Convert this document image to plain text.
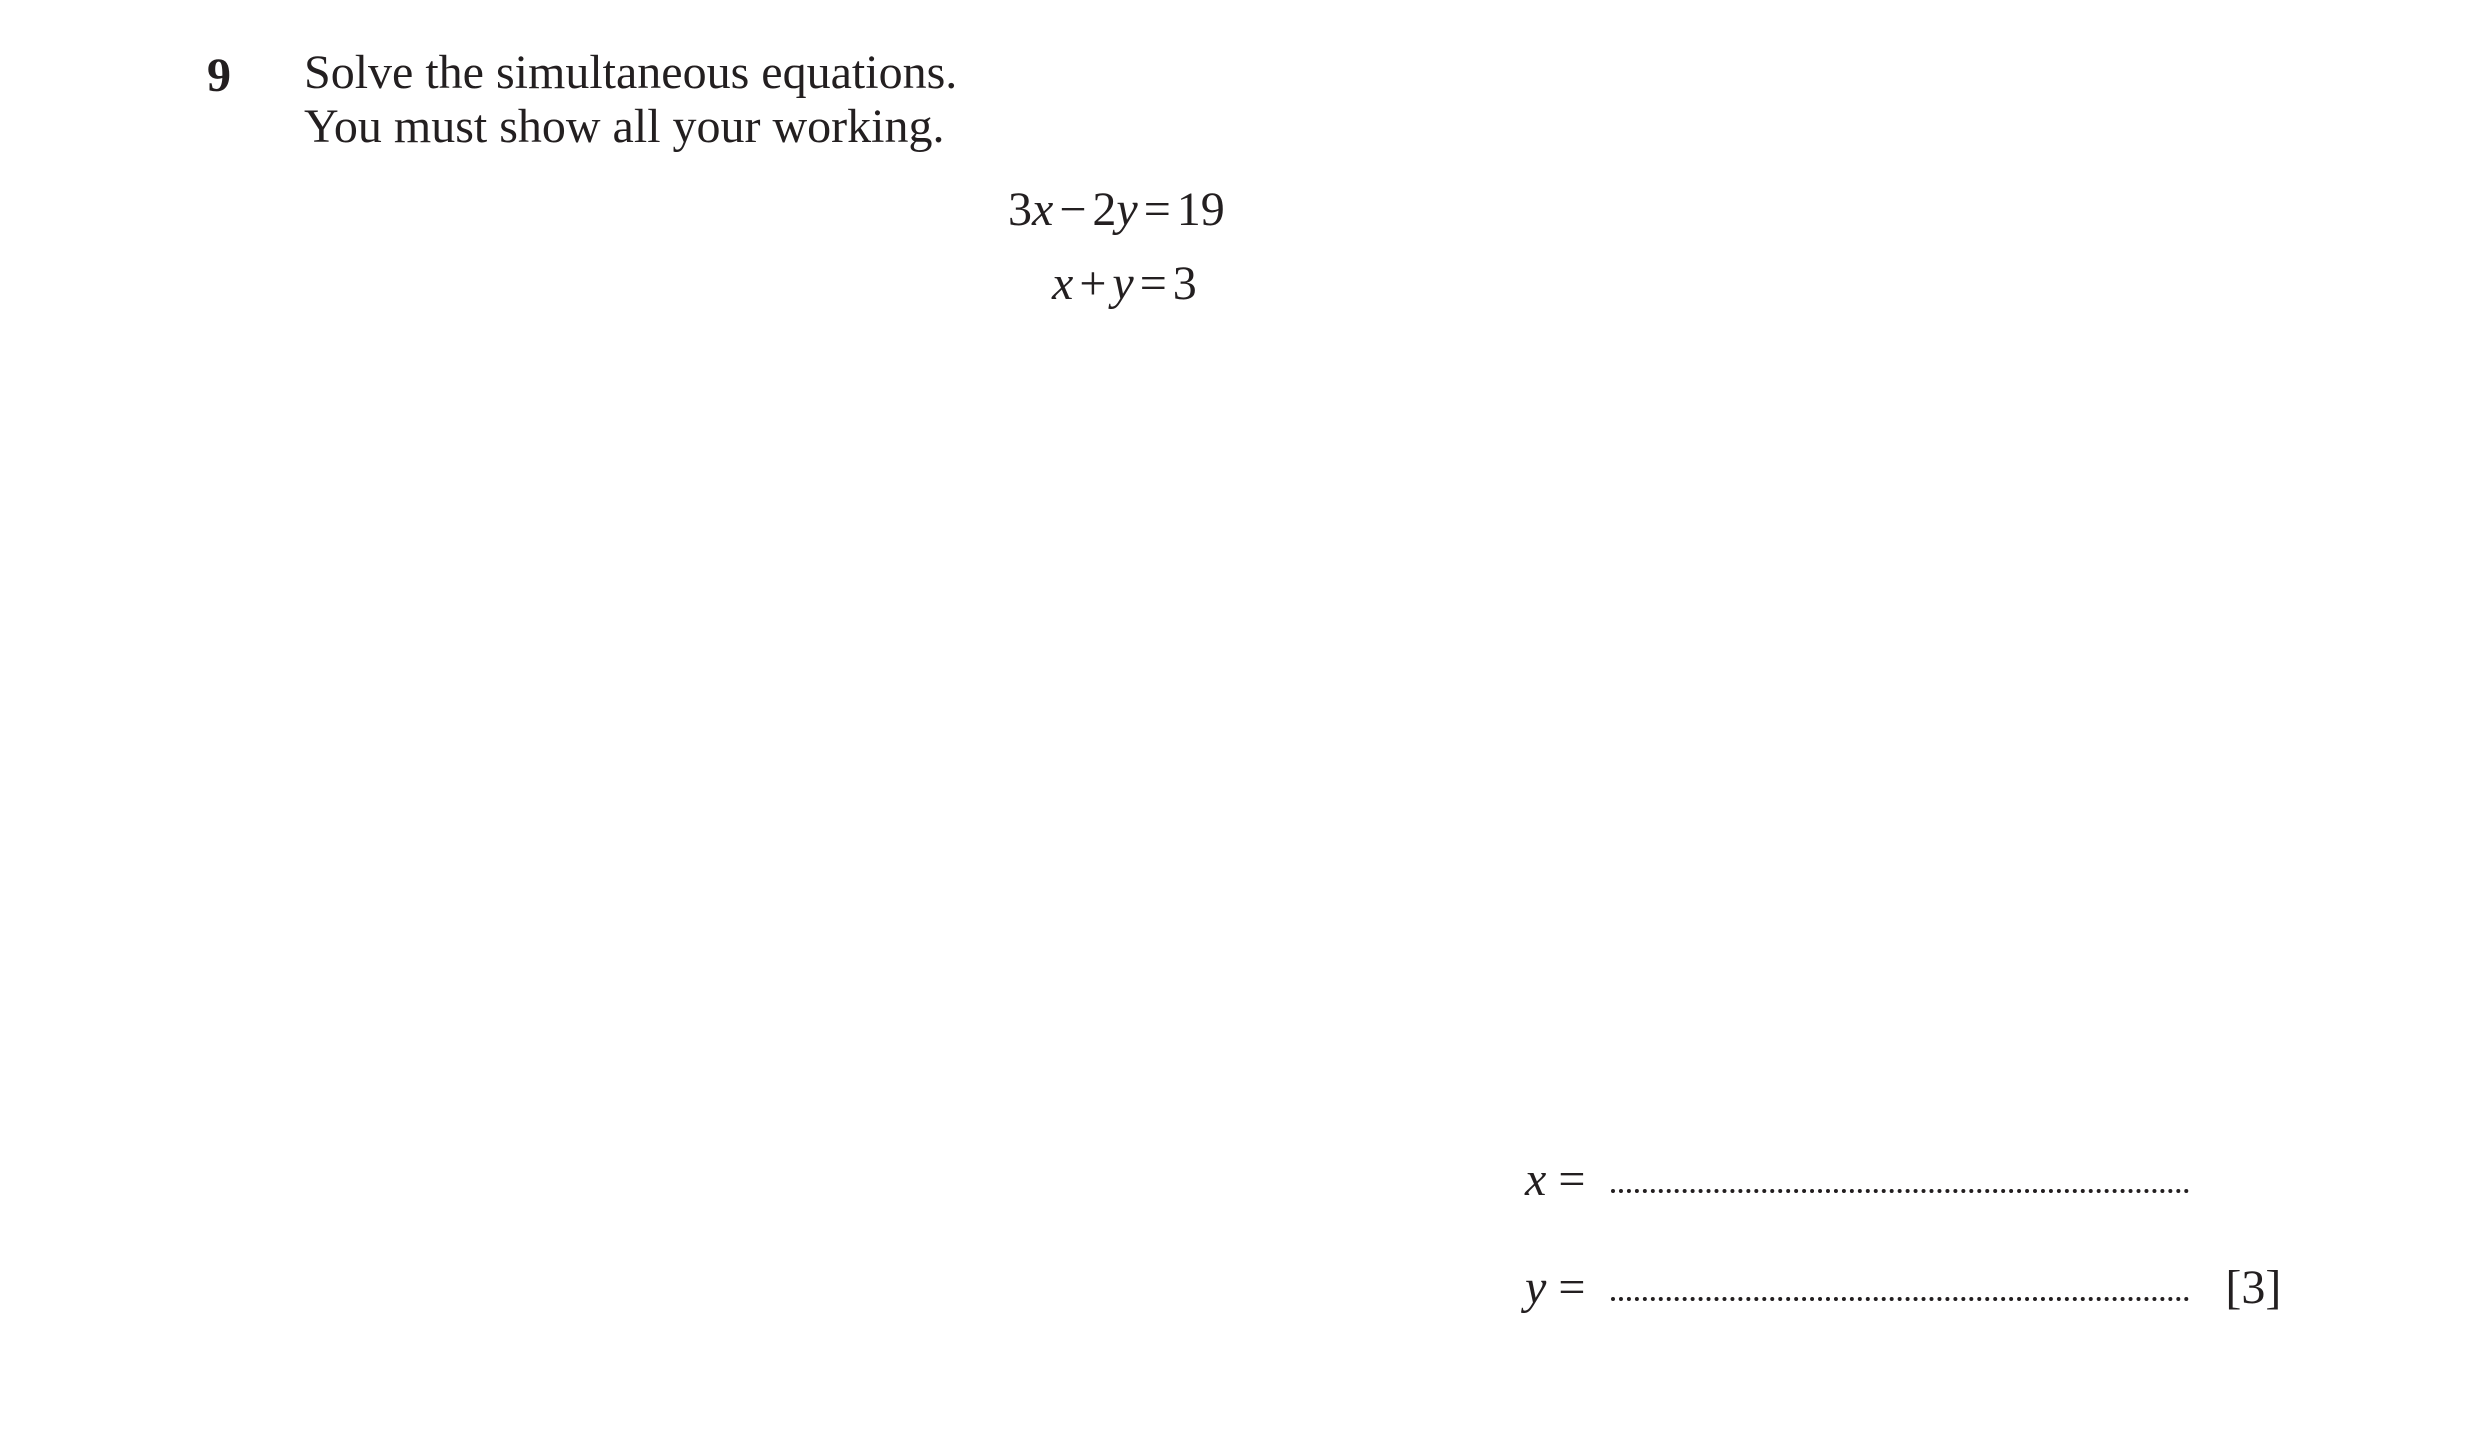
9 Solve the simultaneous equations.
You must show all your working.
3x − 2y = 19
x + y = 3
x =
y =	[3]
